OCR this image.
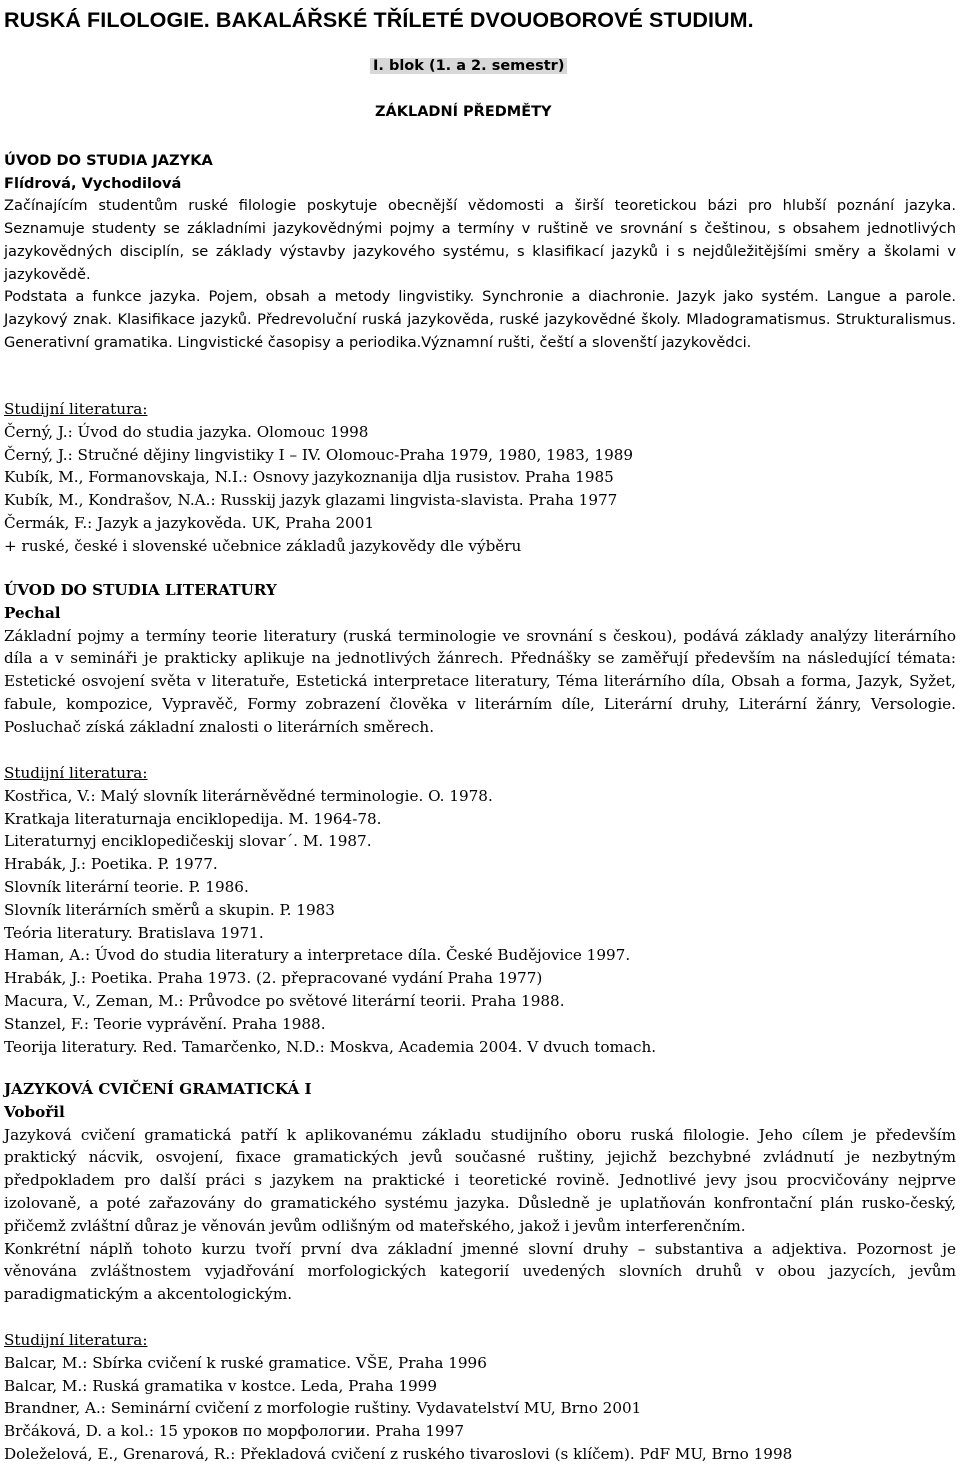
RUSKÁ FILOLOGIE. BAKALÁŘSKÉ TŘÍLETÉ DVOUOBOROVÉ STUDIUM.
I. blok (1. a 2. semestr)
ZÁKLADNÍ PŘEDMĚTY
ÚVOD DO STUDIA JAZYKA
Flídrová, Vychodilová
Začínajícím studentům ruské filologie poskytuje obecnější vědomosti a širší teoretickou bázi pro hlubší poznání jazyka. Seznamuje studenty se základními jazykovědnými pojmy a termíny v ruštině ve srovnání s češtinou, s obsahem jednotlivých jazykovědných disciplín, se základy výstavby jazykového systému, s klasifikací jazyků i s nejdůležitějšími směry a školami v jazykovědě.
Podstata a funkce jazyka. Pojem, obsah a metody lingvistiky. Synchronie a diachronie. Jazyk jako systém. Langue a parole. Jazykový znak. Klasifikace jazyků. Předrevoluční ruská jazykověda, ruské jazykovědné školy. Mladogramatismus. Strukturalismus. Generativní gramatika. Lingvistické časopisy a periodika.Významní rušti, čeští a slovenští jazykovědci.
Studijní literatura:
Černý, J.: Úvod do studia jazyka. Olomouc 1998
Černý, J.: Stručné dějiny lingvistiky I – IV. Olomouc-Praha 1979, 1980, 1983, 1989
Kubík, M., Formanovskaja, N.I.: Osnovy jazykoznanija dlja rusistov. Praha 1985
Kubík, M., Kondrašov, N.A.: Russkij jazyk glazami lingvista-slavista. Praha 1977
Čermák, F.: Jazyk a jazykověda. UK, Praha 2001
+ ruské, české i slovenské učebnice základů jazykovědy dle výběru
ÚVOD DO STUDIA LITERATURY
Pechal
Základní pojmy a termíny teorie literatury (ruská terminologie ve srovnání s českou), podává základy analýzy literárního díla a v semináři je prakticky aplikuje na jednotlivých žánrech. Přednášky se zaměřují především na následující témata: Estetické osvojení světa v literatuře, Estetická interpretace literatury, Téma literárního díla, Obsah a forma, Jazyk, Syžet, fabule, kompozice, Vypravěč, Formy zobrazení člověka v literárním díle, Literární druhy, Literární žánry, Versologie. Posluchač získá základní znalosti o literárních směrech.
Studijní literatura:
Kostřica, V.: Malý slovník literárněvědné terminologie. O. 1978.
Kratkaja literaturnaja enciklopedija. M. 1964-78.
Literaturnyj enciklopedičeskij slovar´. M. 1987.
Hrabák, J.: Poetika. P. 1977.
Slovník literární teorie. P. 1986.
Slovník literárních směrů a skupin. P. 1983
Teória literatury. Bratislava 1971.
Haman, A.: Úvod do studia literatury a interpretace díla. České Budějovice 1997.
Hrabák, J.: Poetika. Praha 1973. (2. přepracované vydání Praha 1977)
Macura, V., Zeman, M.: Průvodce po světové literární teorii. Praha 1988.
Stanzel, F.: Teorie vyprávění. Praha 1988.
Teorija literatury. Red. Tamarčenko, N.D.: Moskva, Academia 2004. V dvuch tomach.
JAZYKOVÁ CVIČENÍ GRAMATICKÁ I
Vobořil
Jazyková cvičení gramatická patří k aplikovanému základu studijního oboru ruská filologie. Jeho cílem je především praktický nácvik, osvojení, fixace gramatických jevů současné ruštiny, jejichž bezchybné zvládnutí je nezbytným předpokladem pro další práci s jazykem na praktické i teoretické rovině. Jednotlivé jevy jsou procvičovány nejprve izolovaně, a poté zařazovány do gramatického systému jazyka. Důsledně je uplatňován konfrontační plán rusko-český, přičemž zvláštní důraz je věnován jevům odlišným od mateřského, jakož i jevům interferenčním.
Konkrétní náplň tohoto kurzu tvoří první dva základní jmenné slovní druhy – substantiva a adjektiva. Pozornost je věnována zvláštnostem vyjadřování morfologických kategorií uvedených slovních druhů v obou jazycích, jevům paradigmatickým a akcentologickým.
Studijní literatura:
Balcar, M.: Sbírka cvičení k ruské gramatice. VŠE, Praha 1996
Balcar, M.: Ruská gramatika v kostce. Leda, Praha 1999
Brandner, A.: Seminární cvičení z morfologie ruštiny. Vydavatelství MU, Brno 2001
Brčáková, D. a kol.: 15 уроков по морфологии. Praha 1997
Doleželová, E., Grenarová, R.: Překladová cvičení z ruského tivaroslovi (s klíčem). PdF MU, Brno 1998
